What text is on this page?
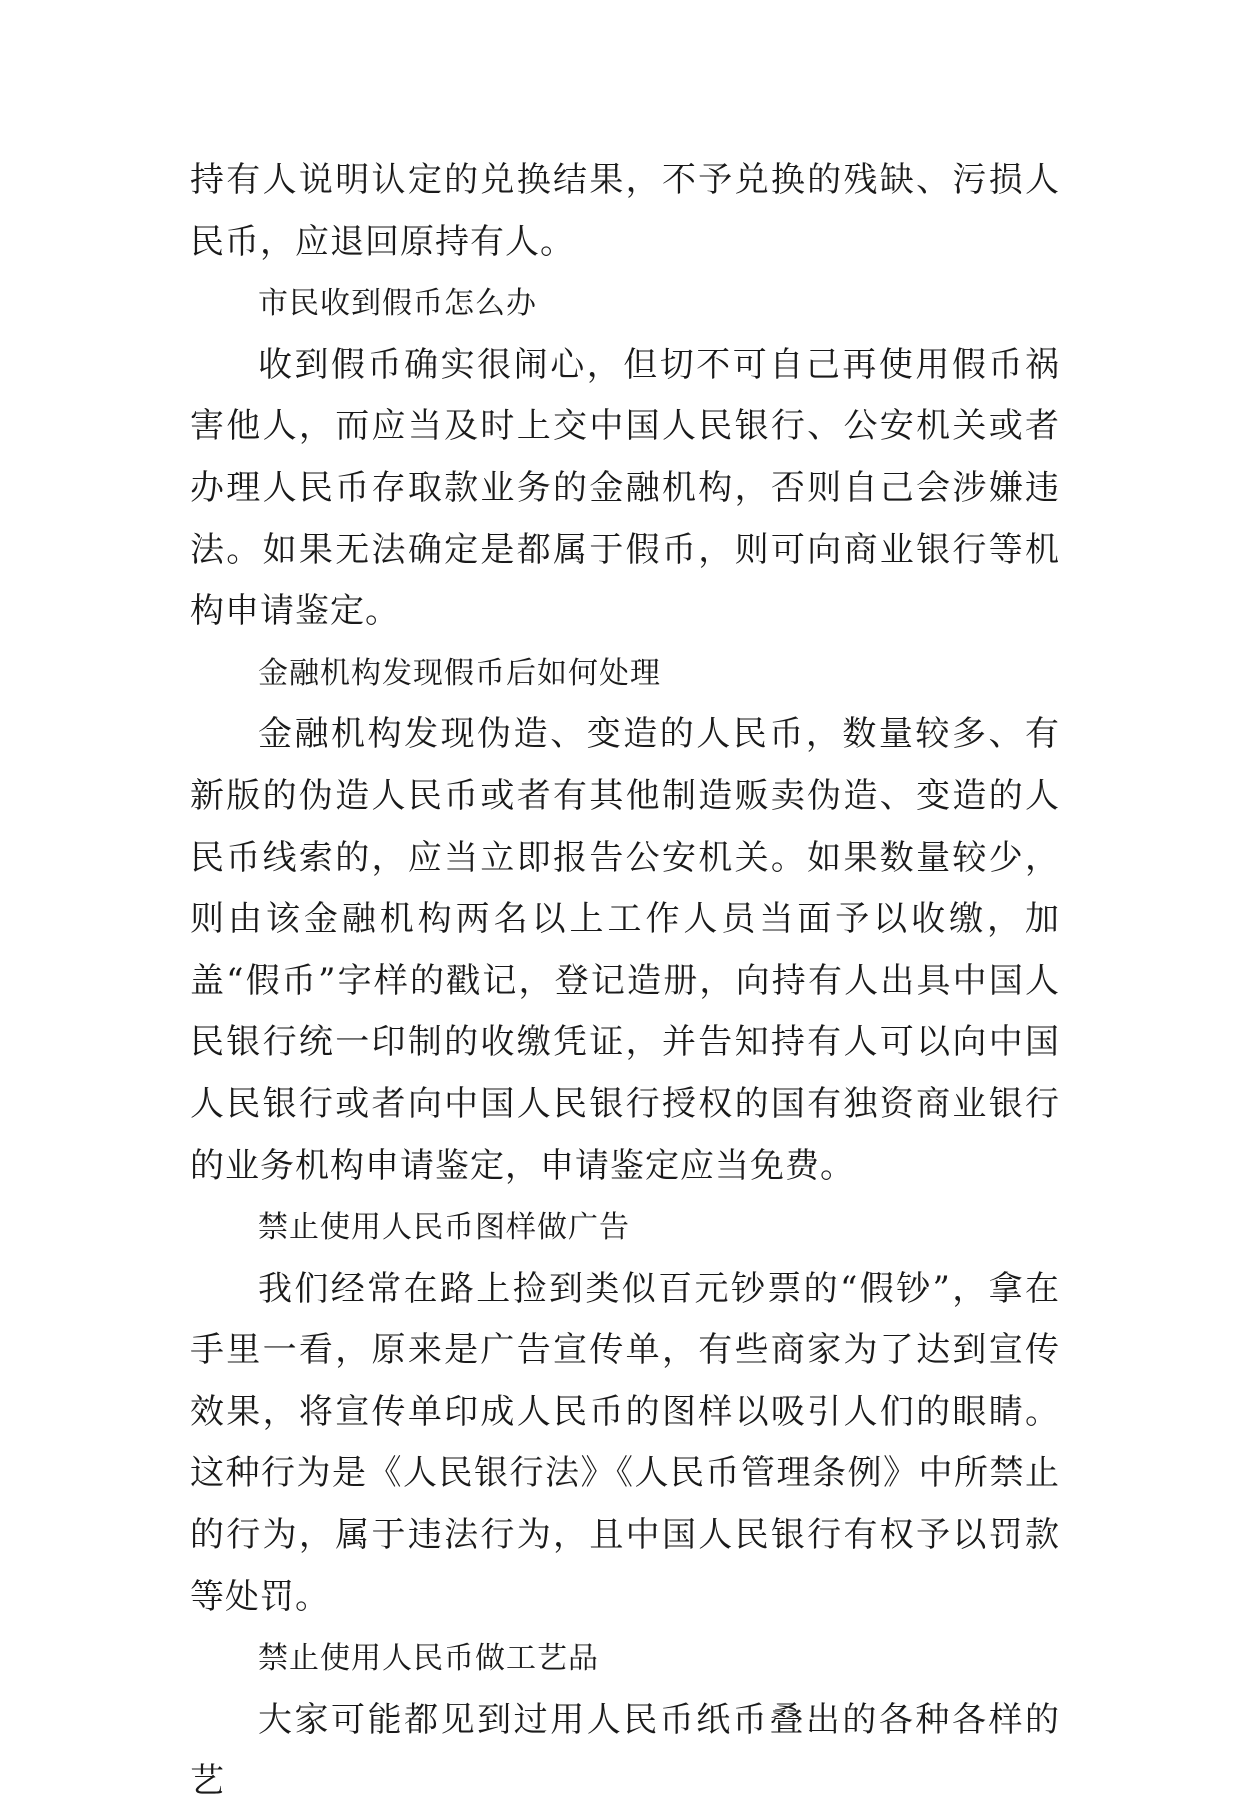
持有人说明认定的兑换结果，不予兑换的残缺、污损人民币，应退回原持有人。

市民收到假币怎么办

收到假币确实很闹心，但切不可自己再使用假币祸害他人，而应当及时上交中国人民银行、公安机关或者办理人民币存取款业务的金融机构，否则自己会涉嫌违法。如果无法确定是都属于假币，则可向商业银行等机构申请鉴定。

金融机构发现假币后如何处理

金融机构发现伪造、变造的人民币，数量较多、有新版的伪造人民币或者有其他制造贩卖伪造、变造的人民币线索的，应当立即报告公安机关。如果数量较少，则由该金融机构两名以上工作人员当面予以收缴，加盖“假币”字样的戳记，登记造册，向持有人出具中国人民银行统一印制的收缴凭证，并告知持有人可以向中国人民银行或者向中国人民银行授权的国有独资商业银行的业务机构申请鉴定，申请鉴定应当免费。

禁止使用人民币图样做广告

我们经常在路上捡到类似百元钞票的“假钞”，拿在手里一看，原来是广告宣传单，有些商家为了达到宣传效果，将宣传单印成人民币的图样以吸引人们的眼睛。这种行为是《人民银行法》《人民币管理条例》中所禁止的行为，属于违法行为，且中国人民银行有权予以罚款等处罚。

禁止使用人民币做工艺品

大家可能都见到过用人民币纸币叠出的各种各样的艺
